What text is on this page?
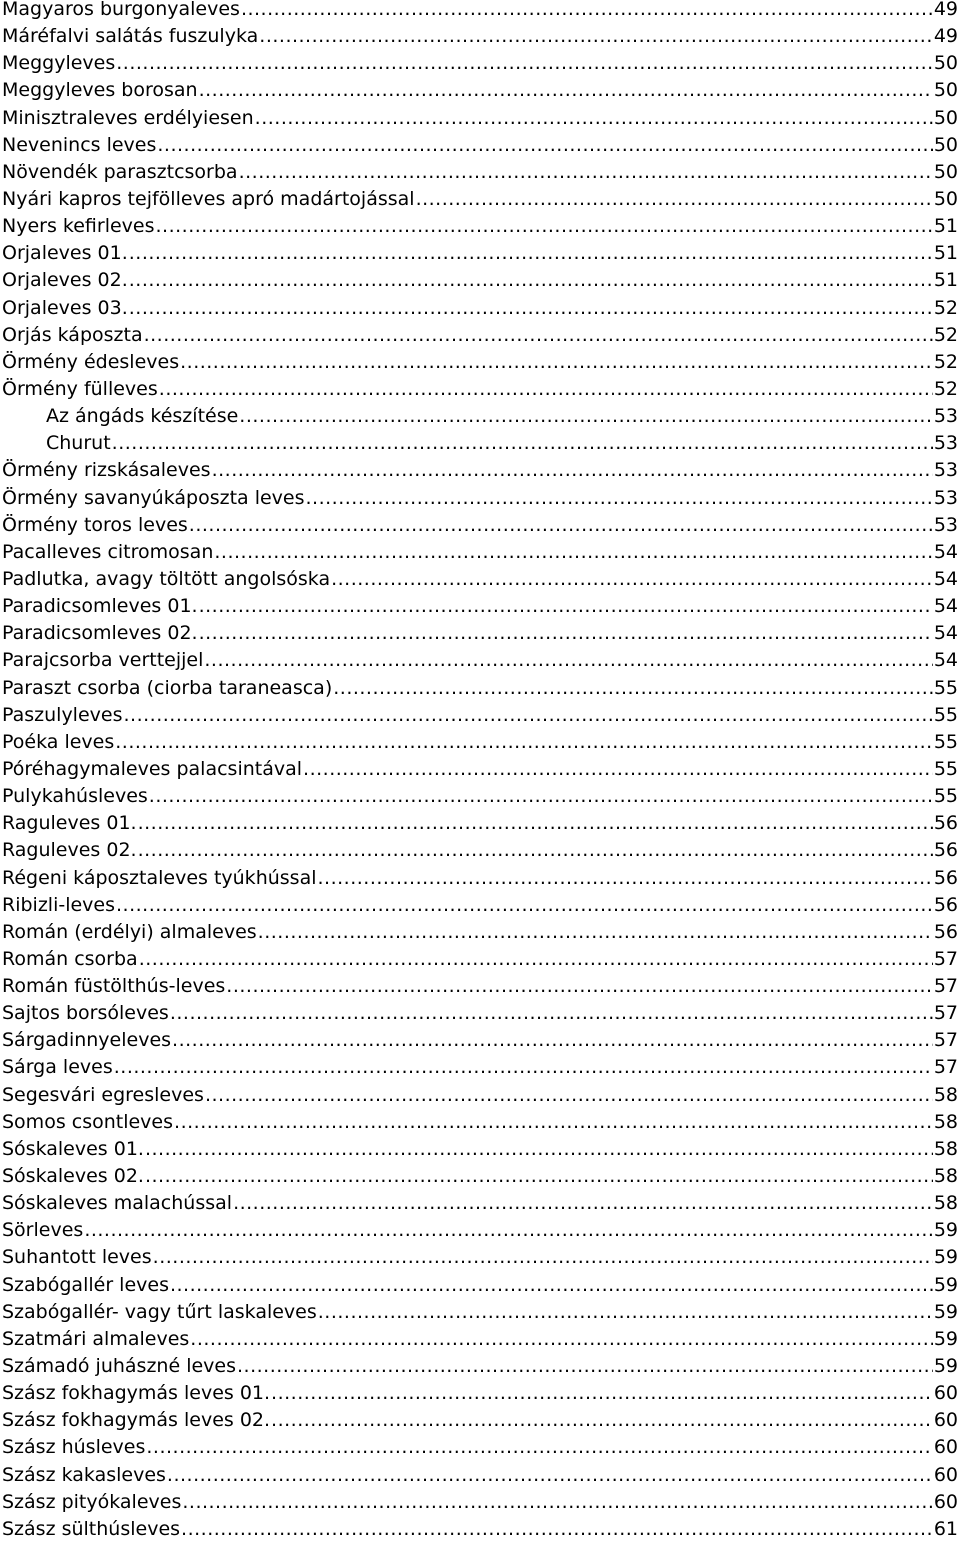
Magyaros burgonyaleves .....	49
Máréfalvi salátás fuszulyka .....	49
Meggyleves .....	50
Meggyleves borosan .....	50
Minisztraleves erdélyiesen .....	50
Nevenincs leves .....	50
Növendék parasztcsorba .....	50
Nyári kapros tejfölleves apró madártojással .....	50
Nyers kefirleves .....	51
Orjaleves 01. .....	51
Orjaleves 02. .....	51
Orjaleves 03. .....	52
Orjás káposzta .....	52
Örmény édesleves .....	52
Örmény fülleves .....	52
Az ángáds készítése .....	53
Churut .....	53
Örmény rizskásaleves .....	53
Örmény savanyúkáposzta leves .....	53
Örmény toros leves .....	53
Pacalleves citromosan .....	54
Padlutka, avagy töltött angolsóska .....	54
Paradicsomleves 01. .....	54
Paradicsomleves 02. .....	54
Parajcsorba verttejjel .....	54
Paraszt csorba (ciorba taraneasca) .....	55
Paszulyleves .....	55
Poéka leves .....	55
Póréhagymaleves palacsintával .....	55
Pulykahúsleves .....	55
Raguleves 01. .....	56
Raguleves 02. .....	56
Régeni káposztaleves tyúkhússal .....	56
Ribizli-leves .....	56
Román (erdélyi) almaleves .....	56
Román csorba .....	57
Román füstölthús-leves .....	57
Sajtos borsóleves .....	57
Sárgadinnyeleves .....	57
Sárga leves .....	57
Segesvári egresleves .....	58
Somos csontleves .....	58
Sóskaleves 01. .....	58
Sóskaleves 02. .....	58
Sóskaleves malachússal .....	58
Sörleves .....	59
Suhantott leves .....	59
Szabógallér leves .....	59
Szabógallér- vagy tűrt laskaleves .....	59
Szatmári almaleves .....	59
Számadó juhászné leves .....	59
Szász fokhagymás leves 01. .....	60
Szász fokhagymás leves 02. .....	60
Szász húsleves .....	60
Szász kakasleves .....	60
Szász pityókaleves .....	60
Szász sülthúsleves .....	61
